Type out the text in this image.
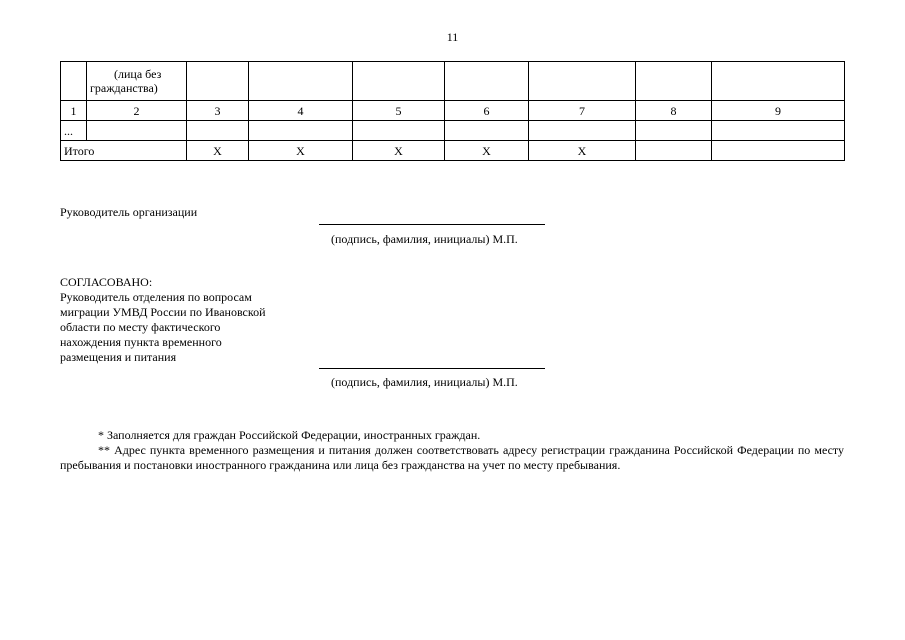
11

	(лица без
гражданства)							

1	2	3	4	5	6	7	8	9
...								
Итого		Х	Х	Х	Х	Х		
Руководитель организации
(подпись, фамилия, инициалы) М.П.
СОГЛАСОВАНО:
Руководитель отделения по вопросам
миграции УМВД России по Ивановской
области по месту фактического
нахождения пункта временного
размещения и питания
(подпись, фамилия, инициалы) М.П.
* Заполняется для граждан Российской Федерации, иностранных граждан.
** Адрес пункта временного размещения и питания должен соответствовать адресу регистрации гражданина Российской Федерации по месту пребывания и постановки иностранного гражданина или лица без гражданства на учет по месту пребывания.
